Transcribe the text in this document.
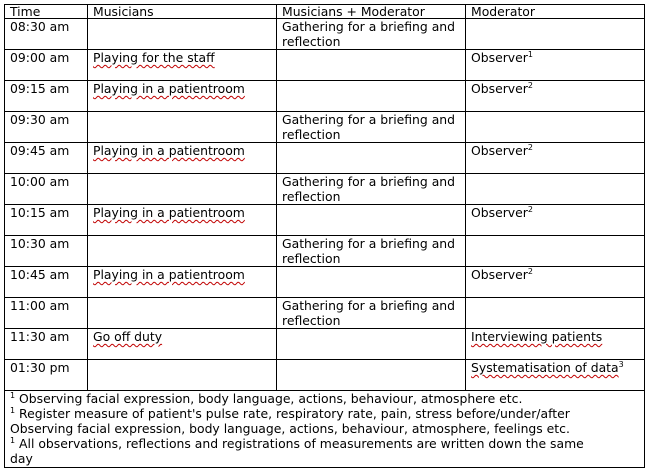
Time	Musicians	Musicians + Moderator	Moderator
08:30 am		Gathering for a briefing and
reflection	

09:00 am	Playing for the staff		Observer$^1$
09:15 am	Playing in a patientroom		Observer$^2$
09:30 am		Gathering for a briefing and
reflection	

09:45 am	Playing in a patientroom		Observer$^2$
10:00 am		Gathering for a briefing and
reflection	

10:15 am	Playing in a patientroom		Observer$^2$
10:30 am		Gathering for a briefing and
reflection	

10:45 am	Playing in a patientroom		Observer$^2$
11:00 am		Gathering for a briefing and
reflection	

11:30 am	Go off duty		Interviewing patients
01:30 pm			Systematisation of data$^3$

$^1$ Observing facial expression, body language, actions, behaviour, atmosphere etc.
$^1$ Register measure of patient's pulse rate, respiratory rate, pain, stress before/under/after
Observing facial expression, body language, actions, behaviour, atmosphere, feelings etc.
$^1$ All observations, reflections and registrations of measurements are written down the same
day			
